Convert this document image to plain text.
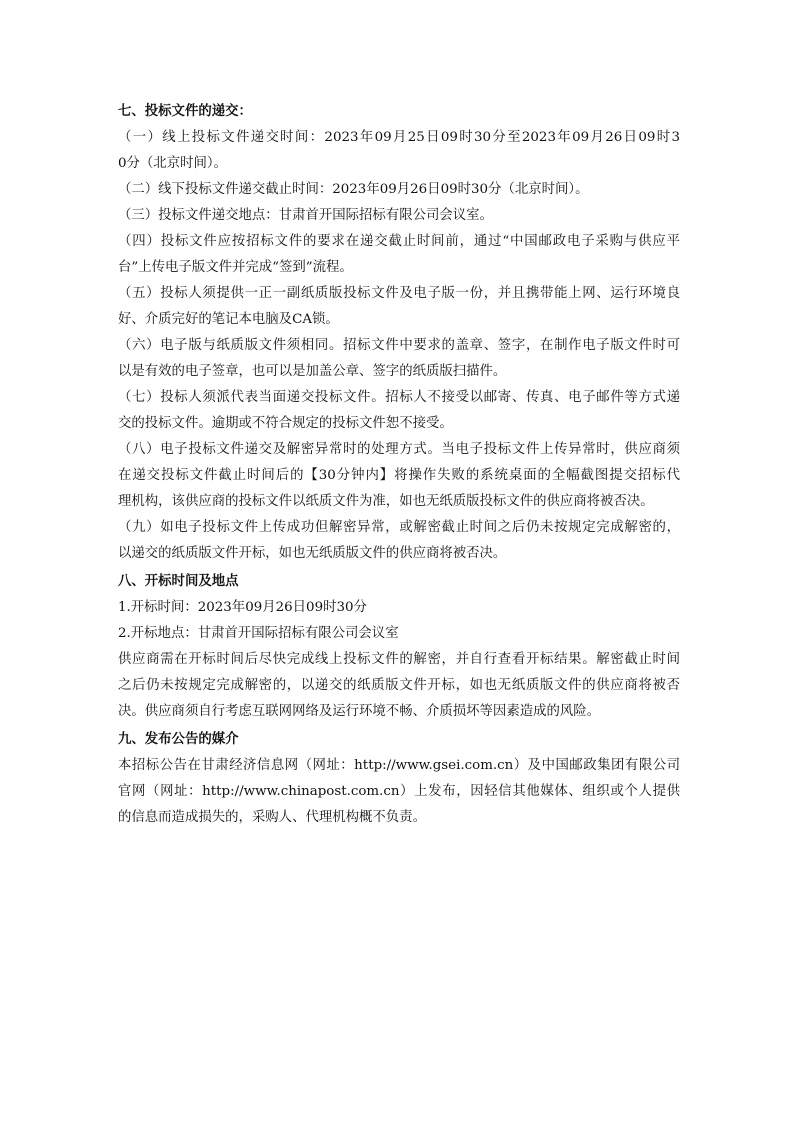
七、投标文件的递交：
（一）线上投标文件递交时间：2023年09月25日09时30分至2023年09月26日09时3
0分（北京时间）。
（二）线下投标文件递交截止时间：2023年09月26日09时30分（北京时间）。
（三）投标文件递交地点：甘肃首开国际招标有限公司会议室。
（四）投标文件应按招标文件的要求在递交截止时间前，通过“中国邮政电子采购与供应平
台”上传电子版文件并完成“签到”流程。
（五）投标人须提供一正一副纸质版投标文件及电子版一份，并且携带能上网、运行环境良
好、介质完好的笔记本电脑及CA锁。
（六）电子版与纸质版文件须相同。招标文件中要求的盖章、签字，在制作电子版文件时可
以是有效的电子签章，也可以是加盖公章、签字的纸质版扫描件。
（七）投标人须派代表当面递交投标文件。招标人不接受以邮寄、传真、电子邮件等方式递
交的投标文件。逾期或不符合规定的投标文件恕不接受。
（八）电子投标文件递交及解密异常时的处理方式。当电子投标文件上传异常时，供应商须
在递交投标文件截止时间后的【30分钟内】将操作失败的系统桌面的全幅截图提交招标代
理机构，该供应商的投标文件以纸质文件为准，如也无纸质版投标文件的供应商将被否决。
（九）如电子投标文件上传成功但解密异常，或解密截止时间之后仍未按规定完成解密的，
以递交的纸质版文件开标，如也无纸质版文件的供应商将被否决。
八、开标时间及地点
1.开标时间：2023年09月26日09时30分
2.开标地点：甘肃首开国际招标有限公司会议室
供应商需在开标时间后尽快完成线上投标文件的解密，并自行查看开标结果。解密截止时间
之后仍未按规定完成解密的，以递交的纸质版文件开标，如也无纸质版文件的供应商将被否
决。供应商须自行考虑互联网网络及运行环境不畅、介质损坏等因素造成的风险。
九、发布公告的媒介
本招标公告在甘肃经济信息网（网址：http://www.gsei.com.cn）及中国邮政集团有限公司
官网（网址：http://www.chinapost.com.cn）上发布，因轻信其他媒体、组织或个人提供
的信息而造成损失的，采购人、代理机构概不负责。
